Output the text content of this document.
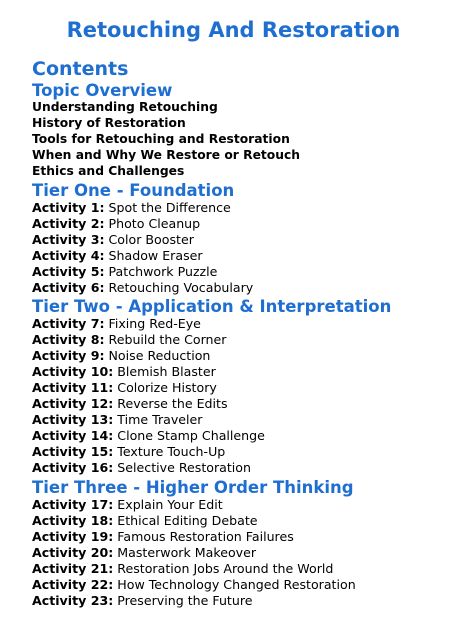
Retouching And Restoration
Contents
Topic Overview
Understanding Retouching
History of Restoration
Tools for Retouching and Restoration
When and Why We Restore or Retouch
Ethics and Challenges
Tier One - Foundation
Activity 1: Spot the Difference
Activity 2: Photo Cleanup
Activity 3: Color Booster
Activity 4: Shadow Eraser
Activity 5: Patchwork Puzzle
Activity 6: Retouching Vocabulary
Tier Two - Application & Interpretation
Activity 7: Fixing Red-Eye
Activity 8: Rebuild the Corner
Activity 9: Noise Reduction
Activity 10: Blemish Blaster
Activity 11: Colorize History
Activity 12: Reverse the Edits
Activity 13: Time Traveler
Activity 14: Clone Stamp Challenge
Activity 15: Texture Touch-Up
Activity 16: Selective Restoration
Tier Three - Higher Order Thinking
Activity 17: Explain Your Edit
Activity 18: Ethical Editing Debate
Activity 19: Famous Restoration Failures
Activity 20: Masterwork Makeover
Activity 21: Restoration Jobs Around the World
Activity 22: How Technology Changed Restoration
Activity 23: Preserving the Future
